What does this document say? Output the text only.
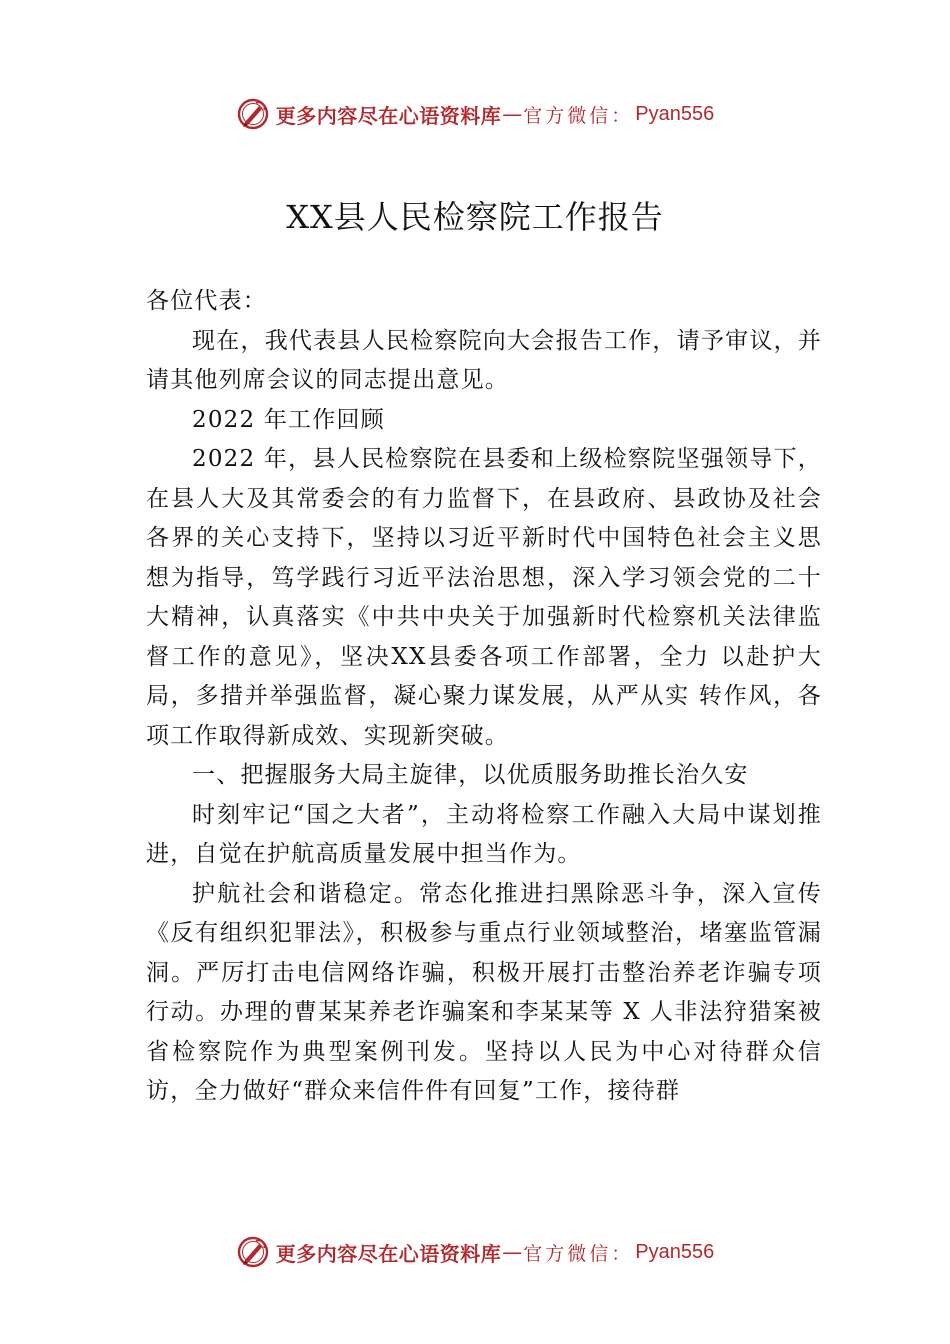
更多内容尽在心语资料库 — 官方微信： Pyan556
XX县人民检察院工作报告

各位代表：

现在，我代表县人民检察院向大会报告工作，请予审议，并请其他列席会议的同志提出意见。

2022 年工作回顾

2022 年，县人民检察院在县委和上级检察院坚强领导下，在县人大及其常委会的有力监督下，在县政府、县政协及社会各界的关心支持下，坚持以习近平新时代中国特色社会主义思想为指导，笃学践行习近平法治思想，深入学习领会党的二十大精神，认真落实《中共中央关于加强新时代检察机关法律监督工作的意见》，坚决XX县委各项工作部署，全力 以赴护大局，多措并举强监督，凝心聚力谋发展，从严从实 转作风，各项工作取得新成效、实现新突破。

一、把握服务大局主旋律，以优质服务助推长治久安

时刻牢记“国之大者”，主动将检察工作融入大局中谋划推进，自觉在护航高质量发展中担当作为。

护航社会和谐稳定。常态化推进扫黑除恶斗争，深入宣传《反有组织犯罪法》，积极参与重点行业领域整治，堵塞监管漏洞。严厉打击电信网络诈骗，积极开展打击整治养老诈骗专项行动。办理的曹某某养老诈骗案和李某某等 X 人非法狩猎案被省检察院作为典型案例刊发。坚持以人民为中心对待群众信访，全力做好“群众来信件件有回复”工作，接待群

更多内容尽在心语资料库 — 官方微信： Pyan556
